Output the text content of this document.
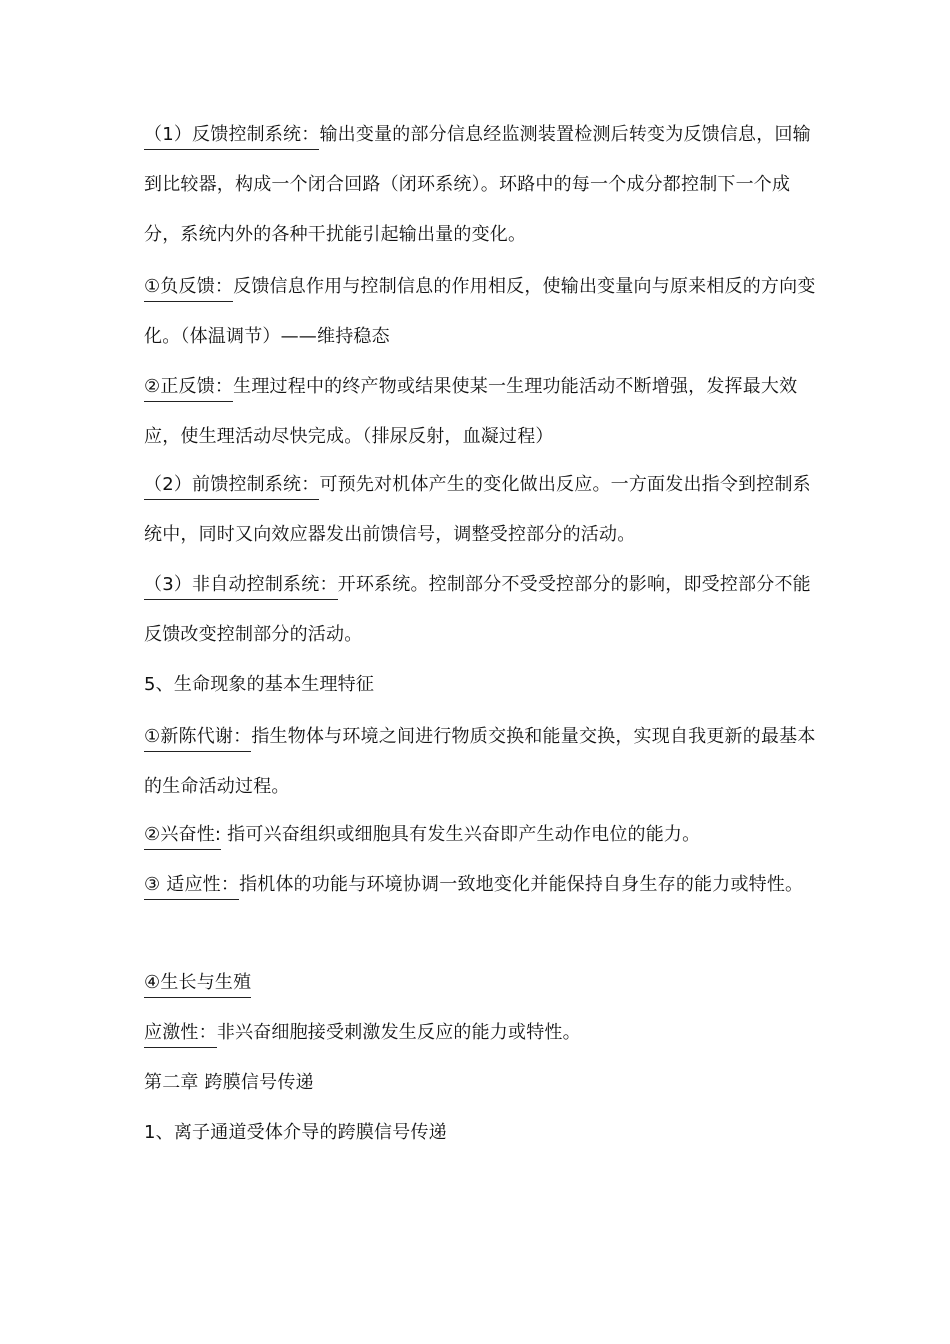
（1）反馈控制系统：输出变量的部分信息经监测装置检测后转变为反馈信息，回输到比较器，构成一个闭合回路（闭环系统）。环路中的每一个成分都控制下一个成分，系统内外的各种干扰能引起输出量的变化。

①负反馈：反馈信息作用与控制信息的作用相反，使输出变量向与原来相反的方向变化。（体温调节）——维持稳态

②正反馈：生理过程中的终产物或结果使某一生理功能活动不断增强，发挥最大效应，使生理活动尽快完成。（排尿反射，血凝过程）

（2）前馈控制系统：可预先对机体产生的变化做出反应。一方面发出指令到控制系统中，同时又向效应器发出前馈信号，调整受控部分的活动。

（3）非自动控制系统：开环系统。控制部分不受受控部分的影响，即受控部分不能反馈改变控制部分的活动。

5、生命现象的基本生理特征

①新陈代谢：指生物体与环境之间进行物质交换和能量交换，实现自我更新的最基本的生命活动过程。

②兴奋性: 指可兴奋组织或细胞具有发生兴奋即产生动作电位的能力。

③ 适应性：指机体的功能与环境协调一致地变化并能保持自身生存的能力或特性。

④生长与生殖

应激性：非兴奋细胞接受刺激发生反应的能力或特性。

第二章 跨膜信号传递

1、离子通道受体介导的跨膜信号传递
